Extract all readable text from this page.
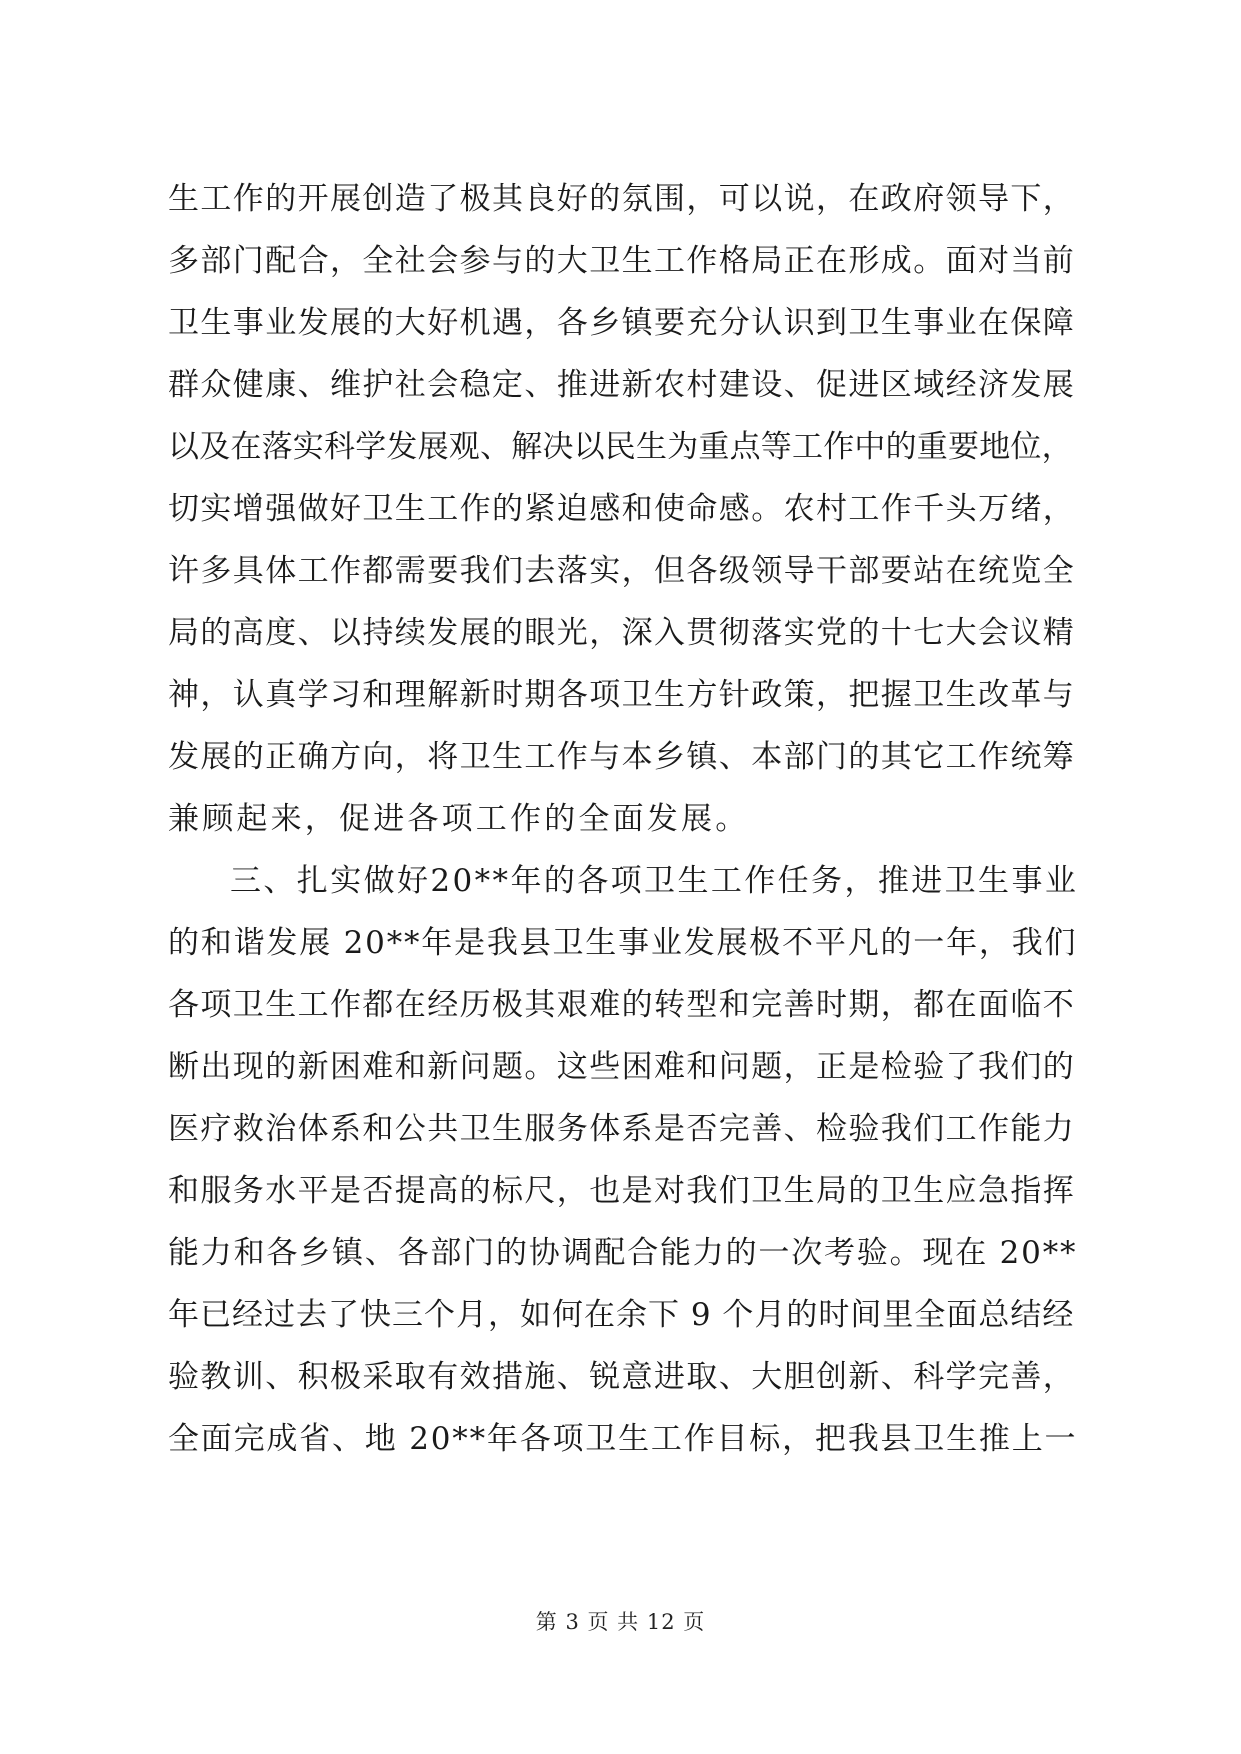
生工作的开展创造了极其良好的氛围，可以说，在政府领导下，
多部门配合，全社会参与的大卫生工作格局正在形成。面对当前
卫生事业发展的大好机遇，各乡镇要充分认识到卫生事业在保障
群众健康、维护社会稳定、推进新农村建设、促进区域经济发展
以及在落实科学发展观、解决以民生为重点等工作中的重要地位，
切实增强做好卫生工作的紧迫感和使命感。农村工作千头万绪，
许多具体工作都需要我们去落实，但各级领导干部要站在统览全
局的高度、以持续发展的眼光，深入贯彻落实党的十七大会议精
神，认真学习和理解新时期各项卫生方针政策，把握卫生改革与
发展的正确方向，将卫生工作与本乡镇、本部门的其它工作统筹
兼顾起来，促进各项工作的全面发展。
三、扎实做好20**年的各项卫生工作任务，推进卫生事业
的和谐发展 20**年是我县卫生事业发展极不平凡的一年，我们
各项卫生工作都在经历极其艰难的转型和完善时期，都在面临不
断出现的新困难和新问题。这些困难和问题，正是检验了我们的
医疗救治体系和公共卫生服务体系是否完善、检验我们工作能力
和服务水平是否提高的标尺，也是对我们卫生局的卫生应急指挥
能力和各乡镇、各部门的协调配合能力的一次考验。现在 20**
年已经过去了快三个月，如何在余下 9 个月的时间里全面总结经
验教训、积极采取有效措施、锐意进取、大胆创新、科学完善，
全面完成省、地 20**年各项卫生工作目标，把我县卫生推上一
第 3 页 共 12 页
